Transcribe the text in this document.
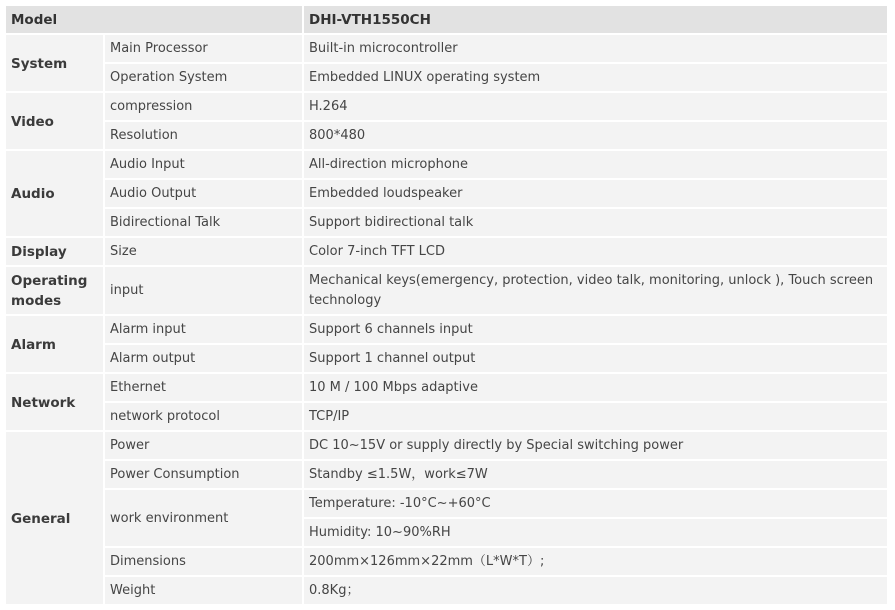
Model		DHI-VTH1550CH
System	Main Processor	Built-in microcontroller
	Operation System	Embedded LINUX operating system
Video	compression	H.264
	Resolution	800*480
Audio	Audio Input	All-direction microphone
	Audio Output	Embedded loudspeaker
	Bidirectional Talk	Support bidirectional talk
Display	Size	Color 7-inch TFT LCD
Operating modes	input	Mechanical keys(emergency, protection, video talk, monitoring, unlock ), Touch screen technology
Alarm	Alarm input	Support 6 channels input
	Alarm output	Support 1 channel output
Network	Ethernet	10 M / 100 Mbps adaptive
	network protocol	TCP/IP
General	Power	DC 10~15V or supply directly by Special switching power
	Power Consumption	Standby ≤1.5W，work≤7W
	work environment	Temperature: -10°C~+60°C
		Humidity: 10~90%RH
	Dimensions	200mm×126mm×22mm（L*W*T）;
	Weight	0.8Kg；
